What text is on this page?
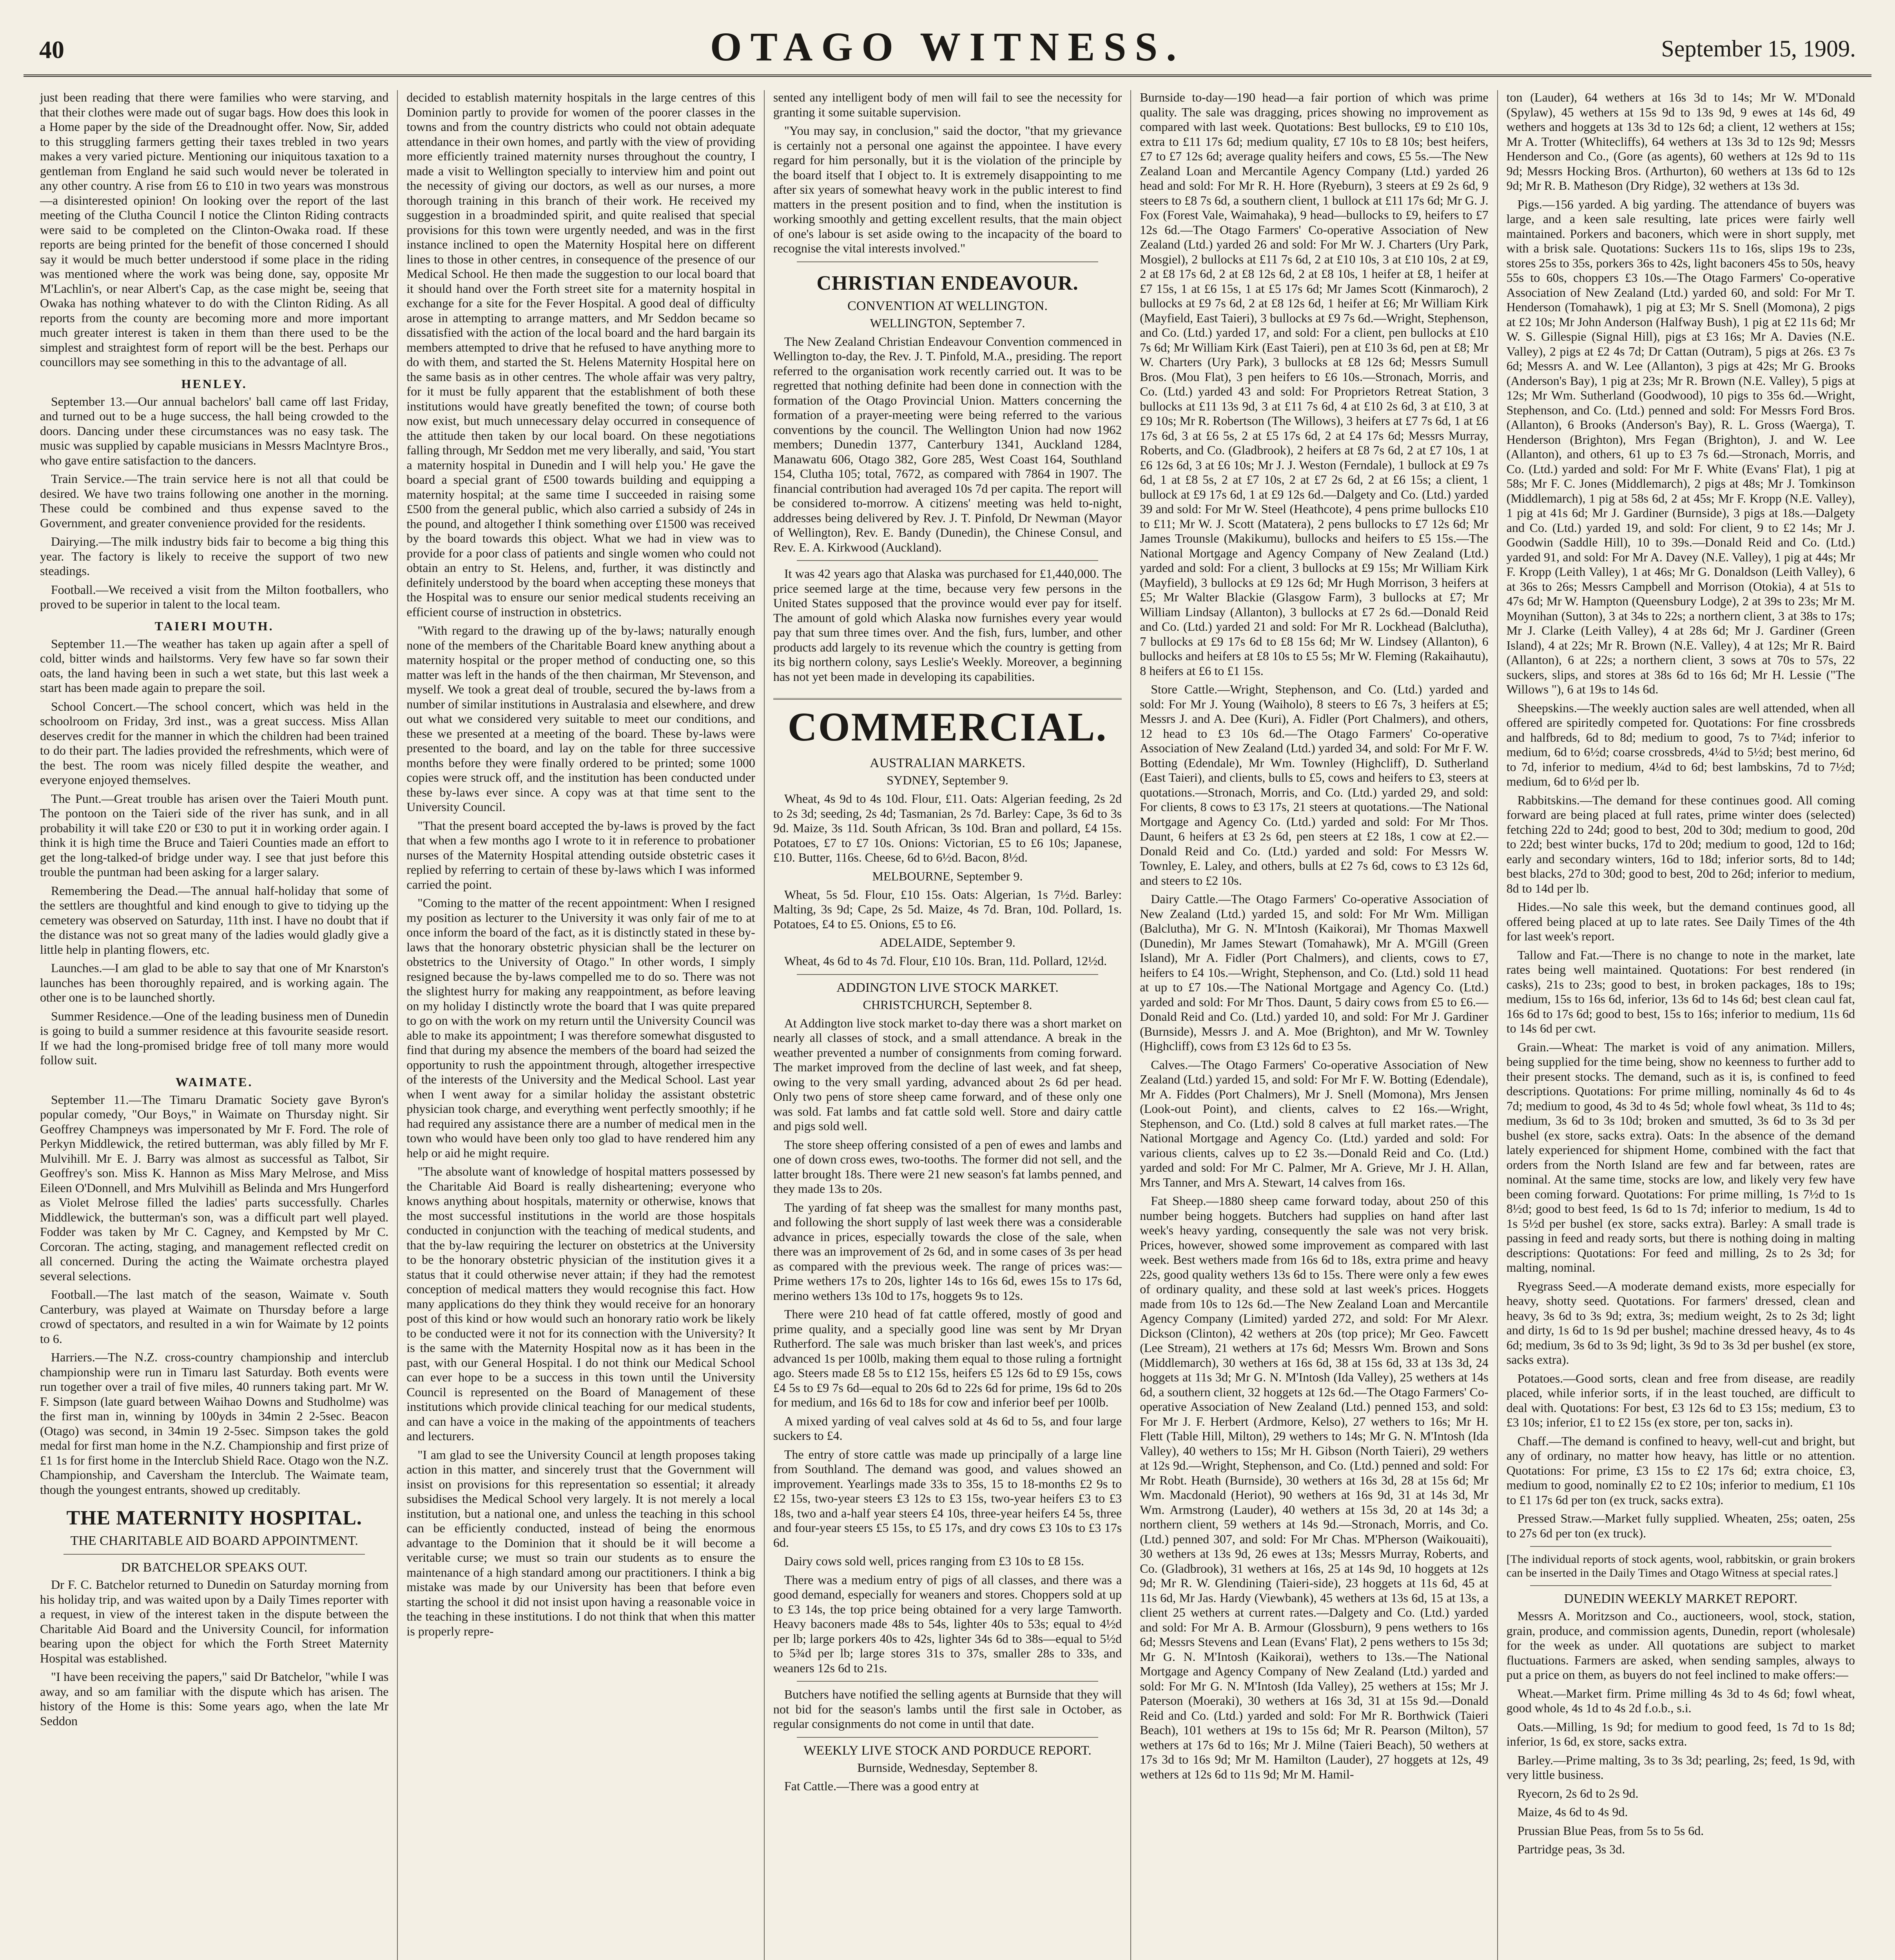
40	OTAGO WITNESS.	September 15, 1909.

just been reading that there were families who were starving, and that their clothes were made out of sugar bags. How does this look in a Home paper by the side of the Dreadnought offer. Now, Sir, added to this struggling farmers getting their taxes trebled in two years makes a very varied picture. Mentioning our iniquitous taxation to a gentleman from England he said such would never be tolerated in any other country. A rise from £6 to £10 in two years was monstrous—a disinterested opinion! On looking over the report of the last meeting of the Clutha Council I notice the Clinton Riding contracts were said to be completed on the Clinton-Owaka road. If these reports are being printed for the benefit of those concerned I should say it would be much better understood if some place in the riding was mentioned where the work was being done, say, opposite Mr M'Lachlin's, or near Albert's Cap, as the case might be, seeing that Owaka has nothing whatever to do with the Clinton Riding. As all reports from the county are becoming more and more important much greater interest is taken in them than there used to be the simplest and straightest form of report will be the best. Perhaps our councillors may see something in this to the advantage of all.

HENLEY.

September 13.—Our annual bachelors' ball came off last Friday, and turned out to be a huge success, the hall being crowded to the doors. Dancing under these circumstances was no easy task. The music was supplied by capable musicians in Messrs Maclntyre Bros., who gave entire satisfaction to the dancers.

Train Service.—The train service here is not all that could be desired. We have two trains following one another in the morning. These could be combined and thus expense saved to the Government, and greater convenience provided for the residents.

Dairying.—The milk industry bids fair to become a big thing this year. The factory is likely to receive the support of two new steadings.

Football.—We received a visit from the Milton footballers, who proved to be superior in talent to the local team.

TAIERI MOUTH.

September 11.—The weather has taken up again after a spell of cold, bitter winds and hailstorms. Very few have so far sown their oats, the land having been in such a wet state, but this last week a start has been made again to prepare the soil.

School Concert.—The school concert, which was held in the schoolroom on Friday, 3rd inst., was a great success. Miss Allan deserves credit for the manner in which the children had been trained to do their part. The ladies provided the refreshments, which were of the best. The room was nicely filled despite the weather, and everyone enjoyed themselves.

The Punt.—Great trouble has arisen over the Taieri Mouth punt. The pontoon on the Taieri side of the river has sunk, and in all probability it will take £20 or £30 to put it in working order again. I think it is high time the Bruce and Taieri Counties made an effort to get the long-talked-of bridge under way. I see that just before this trouble the puntman had been asking for a larger salary.

Remembering the Dead.—The annual half-holiday that some of the settlers are thoughtful and kind enough to give to tidying up the cemetery was observed on Saturday, 11th inst. I have no doubt that if the distance was not so great many of the ladies would gladly give a little help in planting flowers, etc.

Launches.—I am glad to be able to say that one of Mr Knarston's launches has been thoroughly repaired, and is working again. The other one is to be launched shortly.

Summer Residence.—One of the leading business men of Dunedin is going to build a summer residence at this favourite seaside resort. If we had the long-promised bridge free of toll many more would follow suit.

WAIMATE.

September 11.—The Timaru Dramatic Society gave Byron's popular comedy, "Our Boys," in Waimate on Thursday night. Sir Geoffrey Champneys was impersonated by Mr F. Ford. The role of Perkyn Middlewick, the retired butterman, was ably filled by Mr F. Mulvihill. Mr E. J. Barry was almost as successful as Talbot, Sir Geoffrey's son. Miss K. Hannon as Miss Mary Melrose, and Miss Eileen O'Donnell, and Mrs Mulvihill as Belinda and Mrs Hungerford as Violet Melrose filled the ladies' parts successfully. Charles Middlewick, the butterman's son, was a difficult part well played. Fodder was taken by Mr C. Cagney, and Kempsted by Mr C. Corcoran. The acting, staging, and management reflected credit on all concerned. During the acting the Waimate orchestra played several selections.

Football.—The last match of the season, Waimate v. South Canterbury, was played at Waimate on Thursday before a large crowd of spectators, and resulted in a win for Waimate by 12 points to 6.

Harriers.—The N.Z. cross-country championship and interclub championship were run in Timaru last Saturday. Both events were run together over a trail of five miles, 40 runners taking part. Mr W. F. Simpson (late guard between Waihao Downs and Studholme) was the first man in, winning by 100yds in 34min 2 2-5sec. Beacon (Otago) was second, in 34min 19 2-5sec. Simpson takes the gold medal for first man home in the N.Z. Championship and first prize of £1 1s for first home in the Interclub Shield Race. Otago won the N.Z. Championship, and Caversham the Interclub. The Waimate team, though the youngest entrants, showed up creditably.

THE MATERNITY HOSPITAL.
THE CHARITABLE AID BOARD APPOINTMENT.
DR BATCHELOR SPEAKS OUT.

Dr F. C. Batchelor returned to Dunedin on Saturday morning from his holiday trip, and was waited upon by a Daily Times reporter with a request, in view of the interest taken in the dispute between the Charitable Aid Board and the University Council, for information bearing upon the object for which the Forth Street Maternity Hospital was established.

"I have been receiving the papers," said Dr Batchelor, "while I was away, and so am familiar with the dispute which has arisen. The history of the Home is this: Some years ago, when the late Mr Seddon

decided to establish maternity hospitals in the large centres of this Dominion partly to provide for women of the poorer classes in the towns and from the country districts who could not obtain adequate attendance in their own homes, and partly with the view of providing more efficiently trained maternity nurses throughout the country, I made a visit to Wellington specially to interview him and point out the necessity of giving our doctors, as well as our nurses, a more thorough training in this branch of their work. He received my suggestion in a broadminded spirit, and quite realised that special provisions for this town were urgently needed, and was in the first instance inclined to open the Maternity Hospital here on different lines to those in other centres, in consequence of the presence of our Medical School. He then made the suggestion to our local board that it should hand over the Forth street site for a maternity hospital in exchange for a site for the Fever Hospital. A good deal of difficulty arose in attempting to arrange matters, and Mr Seddon became so dissatisfied with the action of the local board and the hard bargain its members attempted to drive that he refused to have anything more to do with them, and started the St. Helens Maternity Hospital here on the same basis as in other centres. The whole affair was very paltry, for it must be fully apparent that the establishment of both these institutions would have greatly benefited the town; of course both now exist, but much unnecessary delay occurred in consequence of the attitude then taken by our local board. On these negotiations falling through, Mr Seddon met me very liberally, and said, 'You start a maternity hospital in Dunedin and I will help you.' He gave the board a special grant of £500 towards building and equipping a maternity hospital; at the same time I succeeded in raising some £500 from the general public, which also carried a subsidy of 24s in the pound, and altogether I think something over £1500 was received by the board towards this object. What we had in view was to provide for a poor class of patients and single women who could not obtain an entry to St. Helens, and, further, it was distinctly and definitely understood by the board when accepting these moneys that the Hospital was to ensure our senior medical students receiving an efficient course of instruction in obstetrics.

"With regard to the drawing up of the by-laws; naturally enough none of the members of the Charitable Board knew anything about a maternity hospital or the proper method of conducting one, so this matter was left in the hands of the then chairman, Mr Stevenson, and myself. We took a great deal of trouble, secured the by-laws from a number of similar institutions in Australasia and elsewhere, and drew out what we considered very suitable to meet our conditions, and these we presented at a meeting of the board. These by-laws were presented to the board, and lay on the table for three successive months before they were finally ordered to be printed; some 1000 copies were struck off, and the institution has been conducted under these by-laws ever since. A copy was at that time sent to the University Council.

"That the present board accepted the by-laws is proved by the fact that when a few months ago I wrote to it in reference to probationer nurses of the Maternity Hospital attending outside obstetric cases it replied by referring to certain of these by-laws which I was informed carried the point.

"Coming to the matter of the recent appointment: When I resigned my position as lecturer to the University it was only fair of me to at once inform the board of the fact, as it is distinctly stated in these by-laws that the honorary obstetric physician shall be the lecturer on obstetrics to the University of Otago." In other words, I simply resigned because the by-laws compelled me to do so. There was not the slightest hurry for making any reappointment, as before leaving on my holiday I distinctly wrote the board that I was quite prepared to go on with the work on my return until the University Council was able to make its appointment; I was therefore somewhat disgusted to find that during my absence the members of the board had seized the opportunity to rush the appointment through, altogether irrespective of the interests of the University and the Medical School. Last year when I went away for a similar holiday the assistant obstetric physician took charge, and everything went perfectly smoothly; if he had required any assistance there are a number of medical men in the town who would have been only too glad to have rendered him any help or aid he might require.

"The absolute want of knowledge of hospital matters possessed by the Charitable Aid Board is really disheartening; everyone who knows anything about hospitals, maternity or otherwise, knows that the most successful institutions in the world are those hospitals conducted in conjunction with the teaching of medical students, and that the by-law requiring the lecturer on obstetrics at the University to be the honorary obstetric physician of the institution gives it a status that it could otherwise never attain; if they had the remotest conception of medical matters they would recognise this fact. How many applications do they think they would receive for an honorary post of this kind or how would such an honorary ratio work be likely to be conducted were it not for its connection with the University? It is the same with the Maternity Hospital now as it has been in the past, with our General Hospital. I do not think our Medical School can ever hope to be a success in this town until the University Council is represented on the Board of Management of these institutions which provide clinical teaching for our medical students, and can have a voice in the making of the appointments of teachers and lecturers.

"I am glad to see the University Council at length proposes taking action in this matter, and sincerely trust that the Government will insist on provisions for this representation so essential; it already subsidises the Medical School very largely. It is not merely a local institution, but a national one, and unless the teaching in this school can be efficiently conducted, instead of being the enormous advantage to the Dominion that it should be it will become a veritable curse; we must so train our students as to ensure the maintenance of a high standard among our practitioners. I think a big mistake was made by our University has been that before even starting the school it did not insist upon having a reasonable voice in the teaching in these institutions. I do not think that when this matter is properly repre-

sented any intelligent body of men will fail to see the necessity for granting it some suitable supervision.

"You may say, in conclusion," said the doctor, "that my grievance is certainly not a personal one against the appointee. I have every regard for him personally, but it is the violation of the principle by the board itself that I object to. It is extremely disappointing to me after six years of somewhat heavy work in the public interest to find matters in the present position and to find, when the institution is working smoothly and getting excellent results, that the main object of one's labour is set aside owing to the incapacity of the board to recognise the vital interests involved."

CHRISTIAN ENDEAVOUR.
CONVENTION AT WELLINGTON.
WELLINGTON, September 7.

The New Zealand Christian Endeavour Convention commenced in Wellington to-day, the Rev. J. T. Pinfold, M.A., presiding. The report referred to the organisation work recently carried out. It was to be regretted that nothing definite had been done in connection with the formation of the Otago Provincial Union. Matters concerning the formation of a prayer-meeting were being referred to the various conventions by the council. The Wellington Union had now 1962 members; Dunedin 1377, Canterbury 1341, Auckland 1284, Manawatu 606, Otago 382, Gore 285, West Coast 164, Southland 154, Clutha 105; total, 7672, as compared with 7864 in 1907. The financial contribution had averaged 10s 7d per capita. The report will be considered to-morrow. A citizens' meeting was held to-night, addresses being delivered by Rev. J. T. Pinfold, Dr Newman (Mayor of Wellington), Rev. E. Bandy (Dunedin), the Chinese Consul, and Rev. E. A. Kirkwood (Auckland).

It was 42 years ago that Alaska was purchased for £1,440,000. The price seemed large at the time, because very few persons in the United States supposed that the province would ever pay for itself. The amount of gold which Alaska now furnishes every year would pay that sum three times over. And the fish, furs, lumber, and other products add largely to its revenue which the country is getting from its big northern colony, says Leslie's Weekly. Moreover, a beginning has not yet been made in developing its capabilities.

COMMERCIAL.
AUSTRALIAN MARKETS.
SYDNEY, September 9.

Wheat, 4s 9d to 4s 10d. Flour, £11. Oats: Algerian feeding, 2s 2d to 2s 3d; seeding, 2s 4d; Tasmanian, 2s 7d. Barley: Cape, 3s 6d to 3s 9d. Maize, 3s 11d. South African, 3s 10d. Bran and pollard, £4 15s. Potatoes, £7 to £7 10s. Onions: Victorian, £5 to £6 10s; Japanese, £10. Butter, 116s. Cheese, 6d to 6½d. Bacon, 8½d.

MELBOURNE, September 9.

Wheat, 5s 5d. Flour, £10 15s. Oats: Algerian, 1s 7½d. Barley: Malting, 3s 9d; Cape, 2s 5d. Maize, 4s 7d. Bran, 10d. Pollard, 1s. Potatoes, £4 to £5. Onions, £5 to £6.

ADELAIDE, September 9.

Wheat, 4s 6d to 4s 7d. Flour, £10 10s. Bran, 11d. Pollard, 12½d.

ADDINGTON LIVE STOCK MARKET.
CHRISTCHURCH, September 8.

At Addington live stock market to-day there was a short market on nearly all classes of stock, and a small attendance. A break in the weather prevented a number of consignments from coming forward. The market improved from the decline of last week, and fat sheep, owing to the very small yarding, advanced about 2s 6d per head. Only two pens of store sheep came forward, and of these only one was sold. Fat lambs and fat cattle sold well. Store and dairy cattle and pigs sold well.

The store sheep offering consisted of a pen of ewes and lambs and one of down cross ewes, two-tooths. The former did not sell, and the latter brought 18s. There were 21 new season's fat lambs penned, and they made 13s to 20s.

The yarding of fat sheep was the smallest for many months past, and following the short supply of last week there was a considerable advance in prices, especially towards the close of the sale, when there was an improvement of 2s 6d, and in some cases of 3s per head as compared with the previous week. The range of prices was:—Prime wethers 17s to 20s, lighter 14s to 16s 6d, ewes 15s to 17s 6d, merino wethers 13s 10d to 17s, hoggets 9s to 12s.

There were 210 head of fat cattle offered, mostly of good and prime quality, and a specially good line was sent by Mr Dryan Rutherford. The sale was much brisker than last week's, and prices advanced 1s per 100lb, making them equal to those ruling a fortnight ago. Steers made £8 5s to £12 15s, heifers £5 12s 6d to £9 15s, cows £4 5s to £9 7s 6d—equal to 20s 6d to 22s 6d for prime, 19s 6d to 20s for medium, and 16s 6d to 18s for cow and inferior beef per 100lb.

A mixed yarding of veal calves sold at 4s 6d to 5s, and four large suckers to £4.

The entry of store cattle was made up principally of a large line from Southland. The demand was good, and values showed an improvement. Yearlings made 33s to 35s, 15 to 18-months £2 9s to £2 15s, two-year steers £3 12s to £3 15s, two-year heifers £3 to £3 18s, two and a-half year steers £4 10s, three-year heifers £4 5s, three and four-year steers £5 15s, to £5 17s, and dry cows £3 10s to £3 17s 6d.

Dairy cows sold well, prices ranging from £3 10s to £8 15s.

There was a medium entry of pigs of all classes, and there was a good demand, especially for weaners and stores. Choppers sold at up to £3 14s, the top price being obtained for a very large Tamworth. Heavy baconers made 48s to 54s, lighter 40s to 53s; equal to 4½d per lb; large porkers 40s to 42s, lighter 34s 6d to 38s—equal to 5½d to 5¾d per lb; large stores 31s to 37s, smaller 28s to 33s, and weaners 12s 6d to 21s.

Butchers have notified the selling agents at Burnside that they will not bid for the season's lambs until the first sale in October, as regular consignments do not come in until that date.

WEEKLY LIVE STOCK AND PORDUCE REPORT.
Burnside, Wednesday, September 8.

Fat Cattle.—There was a good entry at

Burnside to-day—190 head—a fair portion of which was prime quality. The sale was dragging, prices showing no improvement as compared with last week. Quotations: Best bullocks, £9 to £10 10s, extra to £11 17s 6d; medium quality, £7 10s to £8 10s; best heifers, £7 to £7 12s 6d; average quality heifers and cows, £5 5s.—The New Zealand Loan and Mercantile Agency Company (Ltd.) yarded 26 head and sold: For Mr R. H. Hore (Ryeburn), 3 steers at £9 2s 6d, 9 steers to £8 7s 6d, a southern client, 1 bullock at £11 17s 6d; Mr G. J. Fox (Forest Vale, Waimahaka), 9 head—bullocks to £9, heifers to £7 12s 6d.—The Otago Farmers' Co-operative Association of New Zealand (Ltd.) yarded 26 and sold: For Mr W. J. Charters (Ury Park, Mosgiel), 2 bullocks at £11 7s 6d, 2 at £10 10s, 3 at £10 10s, 2 at £9, 2 at £8 17s 6d, 2 at £8 12s 6d, 2 at £8 10s, 1 heifer at £8, 1 heifer at £7 15s, 1 at £6 15s, 1 at £5 17s 6d; Mr James Scott (Kinmaroch), 2 bullocks at £9 7s 6d, 2 at £8 12s 6d, 1 heifer at £6; Mr William Kirk (Mayfield, East Taieri), 3 bullocks at £9 7s 6d.—Wright, Stephenson, and Co. (Ltd.) yarded 17, and sold: For a client, pen bullocks at £10 7s 6d; Mr William Kirk (East Taieri), pen at £10 3s 6d, pen at £8; Mr W. Charters (Ury Park), 3 bullocks at £8 12s 6d; Messrs Sumull Bros. (Mou Flat), 3 pen heifers to £6 10s.—Stronach, Morris, and Co. (Ltd.) yarded 43 and sold: For Proprietors Retreat Station, 3 bullocks at £11 13s 9d, 3 at £11 7s 6d, 4 at £10 2s 6d, 3 at £10, 3 at £9 10s; Mr R. Robertson (The Willows), 3 heifers at £7 7s 6d, 1 at £6 17s 6d, 3 at £6 5s, 2 at £5 17s 6d, 2 at £4 17s 6d; Messrs Murray, Roberts, and Co. (Gladbrook), 2 heifers at £8 7s 6d, 2 at £7 10s, 1 at £6 12s 6d, 3 at £6 10s; Mr J. J. Weston (Ferndale), 1 bullock at £9 7s 6d, 1 at £8 5s, 2 at £7 10s, 2 at £7 2s 6d, 2 at £6 15s; a client, 1 bullock at £9 17s 6d, 1 at £9 12s 6d.—Dalgety and Co. (Ltd.) yarded 39 and sold: For Mr W. Steel (Heathcote), 4 pens prime bullocks £10 to £11; Mr W. J. Scott (Matatera), 2 pens bullocks to £7 12s 6d; Mr James Trounsle (Makikumu), bullocks and heifers to £5 15s.—The National Mortgage and Agency Company of New Zealand (Ltd.) yarded and sold: For a client, 3 bullocks at £9 15s; Mr William Kirk (Mayfield), 3 bullocks at £9 12s 6d; Mr Hugh Morrison, 3 heifers at £5; Mr Walter Blackie (Glasgow Farm), 3 bullocks at £7; Mr William Lindsay (Allanton), 3 bullocks at £7 2s 6d.—Donald Reid and Co. (Ltd.) yarded 21 and sold: For Mr R. Lockhead (Balclutha), 7 bullocks at £9 17s 6d to £8 15s 6d; Mr W. Lindsey (Allanton), 6 bullocks and heifers at £8 10s to £5 5s; Mr W. Fleming (Rakaihautu), 8 heifers at £6 to £1 15s.

Store Cattle.—Wright, Stephenson, and Co. (Ltd.) yarded and sold: For Mr J. Young (Waiholo), 8 steers to £6 7s, 3 heifers at £5; Messrs J. and A. Dee (Kuri), A. Fidler (Port Chalmers), and others, 12 head to £3 10s 6d.—The Otago Farmers' Co-operative Association of New Zealand (Ltd.) yarded 34, and sold: For Mr F. W. Botting (Edendale), Mr Wm. Townley (Highcliff), D. Sutherland (East Taieri), and clients, bulls to £5, cows and heifers to £3, steers at quotations.—Stronach, Morris, and Co. (Ltd.) yarded 29, and sold: For clients, 8 cows to £3 17s, 21 steers at quotations.—The National Mortgage and Agency Co. (Ltd.) yarded and sold: For Mr Thos. Daunt, 6 heifers at £3 2s 6d, pen steers at £2 18s, 1 cow at £2.—Donald Reid and Co. (Ltd.) yarded and sold: For Messrs W. Townley, E. Laley, and others, bulls at £2 7s 6d, cows to £3 12s 6d, and steers to £2 10s.

Dairy Cattle.—The Otago Farmers' Co-operative Association of New Zealand (Ltd.) yarded 15, and sold: For Mr Wm. Milligan (Balclutha), Mr G. N. M'Intosh (Kaikorai), Mr Thomas Maxwell (Dunedin), Mr James Stewart (Tomahawk), Mr A. M'Gill (Green Island), Mr A. Fidler (Port Chalmers), and clients, cows to £7, heifers to £4 10s.—Wright, Stephenson, and Co. (Ltd.) sold 11 head at up to £7 10s.—The National Mortgage and Agency Co. (Ltd.) yarded and sold: For Mr Thos. Daunt, 5 dairy cows from £5 to £6.—Donald Reid and Co. (Ltd.) yarded 10, and sold: For Mr J. Gardiner (Burnside), Messrs J. and A. Moe (Brighton), and Mr W. Townley (Highcliff), cows from £3 12s 6d to £3 5s.

Calves.—The Otago Farmers' Co-operative Association of New Zealand (Ltd.) yarded 15, and sold: For Mr F. W. Botting (Edendale), Mr A. Fiddes (Port Chalmers), Mr J. Snell (Momona), Mrs Jensen (Look-out Point), and clients, calves to £2 16s.—Wright, Stephenson, and Co. (Ltd.) sold 8 calves at full market rates.—The National Mortgage and Agency Co. (Ltd.) yarded and sold: For various clients, calves up to £2 3s.—Donald Reid and Co. (Ltd.) yarded and sold: For Mr C. Palmer, Mr A. Grieve, Mr J. H. Allan, Mrs Tanner, and Mrs A. Stewart, 14 calves from 16s.

Fat Sheep.—1880 sheep came forward today, about 250 of this number being hoggets. Butchers had supplies on hand after last week's heavy yarding, consequently the sale was not very brisk. Prices, however, showed some improvement as compared with last week. Best wethers made from 16s 6d to 18s, extra prime and heavy 22s, good quality wethers 13s 6d to 15s. There were only a few ewes of ordinary quality, and these sold at last week's prices. Hoggets made from 10s to 12s 6d.—The New Zealand Loan and Mercantile Agency Company (Limited) yarded 272, and sold: For Mr Alexr. Dickson (Clinton), 42 wethers at 20s (top price); Mr Geo. Fawcett (Lee Stream), 21 wethers at 17s 6d; Messrs Wm. Brown and Sons (Middlemarch), 30 wethers at 16s 6d, 38 at 15s 6d, 33 at 13s 3d, 24 hoggets at 11s 3d; Mr G. N. M'Intosh (Ida Valley), 25 wethers at 14s 6d, a southern client, 32 hoggets at 12s 6d.—The Otago Farmers' Co-operative Association of New Zealand (Ltd.) penned 153, and sold: For Mr J. F. Herbert (Ardmore, Kelso), 27 wethers to 16s; Mr H. Flett (Table Hill, Milton), 29 wethers to 14s; Mr G. N. M'Intosh (Ida Valley), 40 wethers to 15s; Mr H. Gibson (North Taieri), 29 wethers at 12s 9d.—Wright, Stephenson, and Co. (Ltd.) penned and sold: For Mr Robt. Heath (Burnside), 30 wethers at 16s 3d, 28 at 15s 6d; Mr Wm. Macdonald (Heriot), 90 wethers at 16s 9d, 31 at 14s 3d, Mr Wm. Armstrong (Lauder), 40 wethers at 15s 3d, 20 at 14s 3d; a northern client, 59 wethers at 14s 9d.—Stronach, Morris, and Co. (Ltd.) penned 307, and sold: For Mr Chas. M'Pherson (Waikouaiti), 30 wethers at 13s 9d, 26 ewes at 13s; Messrs Murray, Roberts, and Co. (Gladbrook), 31 wethers at 16s, 25 at 14s 9d, 10 hoggets at 12s 9d; Mr R. W. Glendining (Taieri-side), 23 hoggets at 11s 6d, 45 at 11s 6d, Mr Jas. Hardy (Viewbank), 45 wethers at 13s 6d, 15 at 13s, a client 25 wethers at current rates.—Dalgety and Co. (Ltd.) yarded and sold: For Mr A. B. Armour (Glossburn), 9 pens wethers to 16s 6d; Messrs Stevens and Lean (Evans' Flat), 2 pens wethers to 15s 3d; Mr G. N. M'Intosh (Kaikorai), wethers to 13s.—The National Mortgage and Agency Company of New Zealand (Ltd.) yarded and sold: For Mr G. N. M'Intosh (Ida Valley), 25 wethers at 15s; Mr J. Paterson (Moeraki), 30 wethers at 16s 3d, 31 at 15s 9d.—Donald Reid and Co. (Ltd.) yarded and sold: For Mr R. Borthwick (Taieri Beach), 101 wethers at 19s to 15s 6d; Mr R. Pearson (Milton), 57 wethers at 17s 6d to 16s; Mr J. Milne (Taieri Beach), 50 wethers at 17s 3d to 16s 9d; Mr M. Hamilton (Lauder), 27 hoggets at 12s, 49 wethers at 12s 6d to 11s 9d; Mr M. Hamil-

ton (Lauder), 64 wethers at 16s 3d to 14s; Mr W. M'Donald (Spylaw), 45 wethers at 15s 9d to 13s 9d, 9 ewes at 14s 6d, 49 wethers and hoggets at 13s 3d to 12s 6d; a client, 12 wethers at 15s; Mr A. Trotter (Whitecliffs), 64 wethers at 13s 3d to 12s 9d; Messrs Henderson and Co., (Gore (as agents), 60 wethers at 12s 9d to 11s 9d; Messrs Hocking Bros. (Arthurton), 60 wethers at 13s 6d to 12s 9d; Mr R. B. Matheson (Dry Ridge), 32 wethers at 13s 3d.

Pigs.—156 yarded. A big yarding. The attendance of buyers was large, and a keen sale resulting, late prices were fairly well maintained. Porkers and baconers, which were in short supply, met with a brisk sale. Quotations: Suckers 11s to 16s, slips 19s to 23s, stores 25s to 35s, porkers 36s to 42s, light baconers 45s to 50s, heavy 55s to 60s, choppers £3 10s.—The Otago Farmers' Co-operative Association of New Zealand (Ltd.) yarded 60, and sold: For Mr T. Henderson (Tomahawk), 1 pig at £3; Mr S. Snell (Momona), 2 pigs at £2 10s; Mr John Anderson (Halfway Bush), 1 pig at £2 11s 6d; Mr W. S. Gillespie (Signal Hill), pigs at £3 16s; Mr A. Davies (N.E. Valley), 2 pigs at £2 4s 7d; Dr Cattan (Outram), 5 pigs at 26s. £3 7s 6d; Messrs A. and W. Lee (Allanton), 3 pigs at 42s; Mr G. Brooks (Anderson's Bay), 1 pig at 23s; Mr R. Brown (N.E. Valley), 5 pigs at 12s; Mr Wm. Sutherland (Goodwood), 10 pigs to 35s 6d.—Wright, Stephenson, and Co. (Ltd.) penned and sold: For Messrs Ford Bros. (Allanton), 6 Brooks (Anderson's Bay), R. L. Gross (Waerga), T. Henderson (Brighton), Mrs Fegan (Brighton), J. and W. Lee (Allanton), and others, 61 up to £3 7s 6d.—Stronach, Morris, and Co. (Ltd.) yarded and sold: For Mr F. White (Evans' Flat), 1 pig at 58s; Mr F. C. Jones (Middlemarch), 2 pigs at 48s; Mr J. Tomkinson (Middlemarch), 1 pig at 58s 6d, 2 at 45s; Mr F. Kropp (N.E. Valley), 1 pig at 41s 6d; Mr J. Gardiner (Burnside), 3 pigs at 18s.—Dalgety and Co. (Ltd.) yarded 19, and sold: For client, 9 to £2 14s; Mr J. Goodwin (Saddle Hill), 10 to 39s.—Donald Reid and Co. (Ltd.) yarded 91, and sold: For Mr A. Davey (N.E. Valley), 1 pig at 44s; Mr F. Kropp (Leith Valley), 1 at 46s; Mr G. Donaldson (Leith Valley), 6 at 36s to 26s; Messrs Campbell and Morrison (Otokia), 4 at 51s to 47s 6d; Mr W. Hampton (Queensbury Lodge), 2 at 39s to 23s; Mr M. Moynihan (Sutton), 3 at 34s to 22s; a northern client, 3 at 38s to 17s; Mr J. Clarke (Leith Valley), 4 at 28s 6d; Mr J. Gardiner (Green Island), 4 at 22s; Mr R. Brown (N.E. Valley), 4 at 12s; Mr R. Baird (Allanton), 6 at 22s; a northern client, 3 sows at 70s to 57s, 22 suckers, slips, and stores at 38s 6d to 16s 6d; Mr H. Lessie ("The Willows "), 6 at 19s to 14s 6d.

Sheepskins.—The weekly auction sales are well attended, when all offered are spiritedly competed for. Quotations: For fine crossbreds and halfbreds, 6d to 8d; medium to good, 7s to 7¼d; inferior to medium, 6d to 6½d; coarse crossbreds, 4¼d to 5½d; best merino, 6d to 7d, inferior to medium, 4¼d to 6d; best lambskins, 7d to 7½d; medium, 6d to 6½d per lb.

Rabbitskins.—The demand for these continues good. All coming forward are being placed at full rates, prime winter does (selected) fetching 22d to 24d; good to best, 20d to 30d; medium to good, 20d to 22d; best winter bucks, 17d to 20d; medium to good, 12d to 16d; early and secondary winters, 16d to 18d; inferior sorts, 8d to 14d; best blacks, 27d to 30d; good to best, 20d to 26d; inferior to medium, 8d to 14d per lb.

Hides.—No sale this week, but the demand continues good, all offered being placed at up to late rates. See Daily Times of the 4th for last week's report.

Tallow and Fat.—There is no change to note in the market, late rates being well maintained. Quotations: For best rendered (in casks), 21s to 23s; good to best, in broken packages, 18s to 19s; medium, 15s to 16s 6d, inferior, 13s 6d to 14s 6d; best clean caul fat, 16s 6d to 17s 6d; good to best, 15s to 16s; inferior to medium, 11s 6d to 14s 6d per cwt.

Grain.—Wheat: The market is void of any animation. Millers, being supplied for the time being, show no keenness to further add to their present stocks. The demand, such as it is, is confined to feed descriptions. Quotations: For prime milling, nominally 4s 6d to 4s 7d; medium to good, 4s 3d to 4s 5d; whole fowl wheat, 3s 11d to 4s; medium, 3s 6d to 3s 10d; broken and smutted, 3s 6d to 3s 3d per bushel (ex store, sacks extra). Oats: In the absence of the demand lately experienced for shipment Home, combined with the fact that orders from the North Island are few and far between, rates are nominal. At the same time, stocks are low, and likely very few have been coming forward. Quotations: For prime milling, 1s 7½d to 1s 8½d; good to best feed, 1s 6d to 1s 7d; inferior to medium, 1s 4d to 1s 5½d per bushel (ex store, sacks extra). Barley: A small trade is passing in feed and ready sorts, but there is nothing doing in malting descriptions: Quotations: For feed and milling, 2s to 2s 3d; for malting, nominal.

Ryegrass Seed.—A moderate demand exists, more especially for heavy, shotty seed. Quotations. For farmers' dressed, clean and heavy, 3s 6d to 3s 9d; extra, 3s; medium weight, 2s to 2s 3d; light and dirty, 1s 6d to 1s 9d per bushel; machine dressed heavy, 4s to 4s 6d; medium, 3s 6d to 3s 9d; light, 3s 9d to 3s 3d per bushel (ex store, sacks extra).

Potatoes.—Good sorts, clean and free from disease, are readily placed, while inferior sorts, if in the least touched, are difficult to deal with. Quotations: For best, £3 12s 6d to £3 15s; medium, £3 to £3 10s; inferior, £1 to £2 15s (ex store, per ton, sacks in).

Chaff.—The demand is confined to heavy, well-cut and bright, but any of ordinary, no matter how heavy, has little or no attention. Quotations: For prime, £3 15s to £2 17s 6d; extra choice, £3, medium to good, nominally £2 to £2 10s; inferior to medium, £1 10s to £1 17s 6d per ton (ex truck, sacks extra).

Pressed Straw.—Market fully supplied. Wheaten, 25s; oaten, 25s to 27s 6d per ton (ex truck).

[The individual reports of stock agents, wool, rabbitskin, or grain brokers can be inserted in the Daily Times and Otago Witness at special rates.]

DUNEDIN WEEKLY MARKET REPORT.

Messrs A. Moritzson and Co., auctioneers, wool, stock, station, grain, produce, and commission agents, Dunedin, report (wholesale) for the week as under. All quotations are subject to market fluctuations. Farmers are asked, when sending samples, always to put a price on them, as buyers do not feel inclined to make offers:—

Wheat.—Market firm. Prime milling 4s 3d to 4s 6d; fowl wheat, good whole, 4s 1d to 4s 2d f.o.b., s.i.

Oats.—Milling, 1s 9d; for medium to good feed, 1s 7d to 1s 8d; inferior, 1s 6d, ex store, sacks extra.

Barley.—Prime malting, 3s to 3s 3d; pearling, 2s; feed, 1s 9d, with very little business.

Ryecorn, 2s 6d to 2s 9d.

Maize, 4s 6d to 4s 9d.

Prussian Blue Peas, from 5s to 5s 6d.

Partridge peas, 3s 3d.
